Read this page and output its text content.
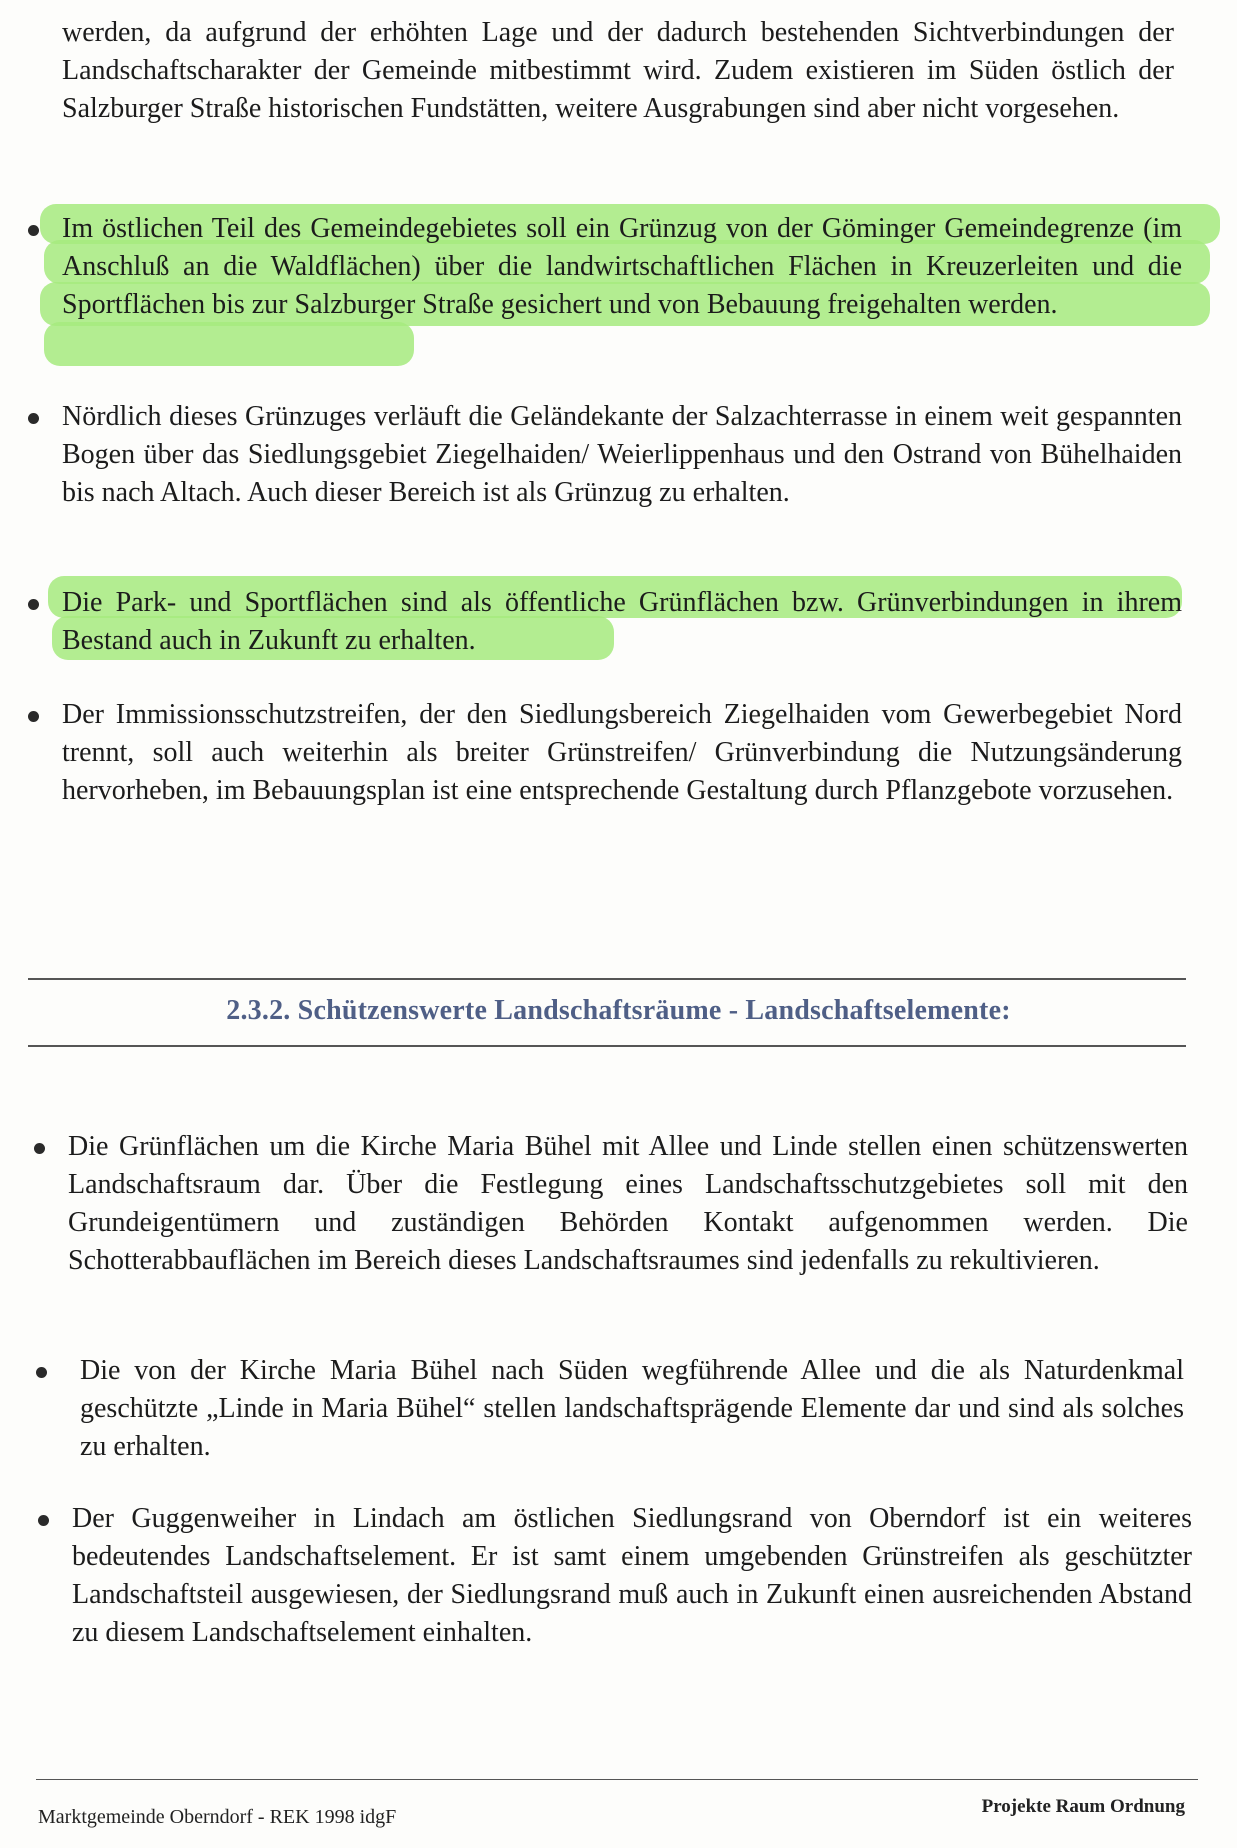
werden, da aufgrund der erhöhten Lage und der dadurch bestehenden Sichtverbindungen der Landschaftscharakter der Gemeinde mitbestimmt wird. Zudem existieren im Süden östlich der Salzburger Straße historischen Fundstätten, weitere Ausgrabungen sind aber nicht vorgesehen.

Im östlichen Teil des Gemeindegebietes soll ein Grünzug von der Göminger Gemeindegrenze (im Anschluß an die Waldflächen) über die landwirtschaftlichen Flächen in Kreuzerleiten und die Sportflächen bis zur Salzburger Straße gesichert und von Bebauung freigehalten werden.

Nördlich dieses Grünzuges verläuft die Geländekante der Salzachterrasse in einem weit gespannten Bogen über das Siedlungsgebiet Ziegelhaiden/ Weierlippenhaus und den Ostrand von Bühelhaiden bis nach Altach. Auch dieser Bereich ist als Grünzug zu erhalten.

Die Park- und Sportflächen sind als öffentliche Grünflächen bzw. Grünverbindungen in ihrem Bestand auch in Zukunft zu erhalten.

Der Immissionsschutzstreifen, der den Siedlungsbereich Ziegelhaiden vom Gewerbegebiet Nord trennt, soll auch weiterhin als breiter Grünstreifen/ Grünverbindung die Nutzungsänderung hervorheben, im Bebauungsplan ist eine entsprechende Gestaltung durch Pflanzgebote vorzusehen.

2.3.2. Schützenswerte Landschaftsräume - Landschaftselemente:

Die Grünflächen um die Kirche Maria Bühel mit Allee und Linde stellen einen schützenswerten Landschaftsraum dar. Über die Festlegung eines Landschaftsschutzgebietes soll mit den Grundeigentümern und zuständigen Behörden Kontakt aufgenommen werden. Die Schotterabbauflächen im Bereich dieses Landschaftsraumes sind jedenfalls zu rekultivieren.

Die von der Kirche Maria Bühel nach Süden wegführende Allee und die als Naturdenkmal geschützte „Linde in Maria Bühel“ stellen landschaftsprägende Elemente dar und sind als solches zu erhalten.

Der Guggenweiher in Lindach am östlichen Siedlungsrand von Oberndorf ist ein weiteres bedeutendes Landschaftselement. Er ist samt einem umgebenden Grünstreifen als geschützter Landschaftsteil ausgewiesen, der Siedlungsrand muß auch in Zukunft einen ausreichenden Abstand zu diesem Landschaftselement einhalten.

Marktgemeinde Oberndorf - REK 1998 idgF	Projekte Raum Ordnung
